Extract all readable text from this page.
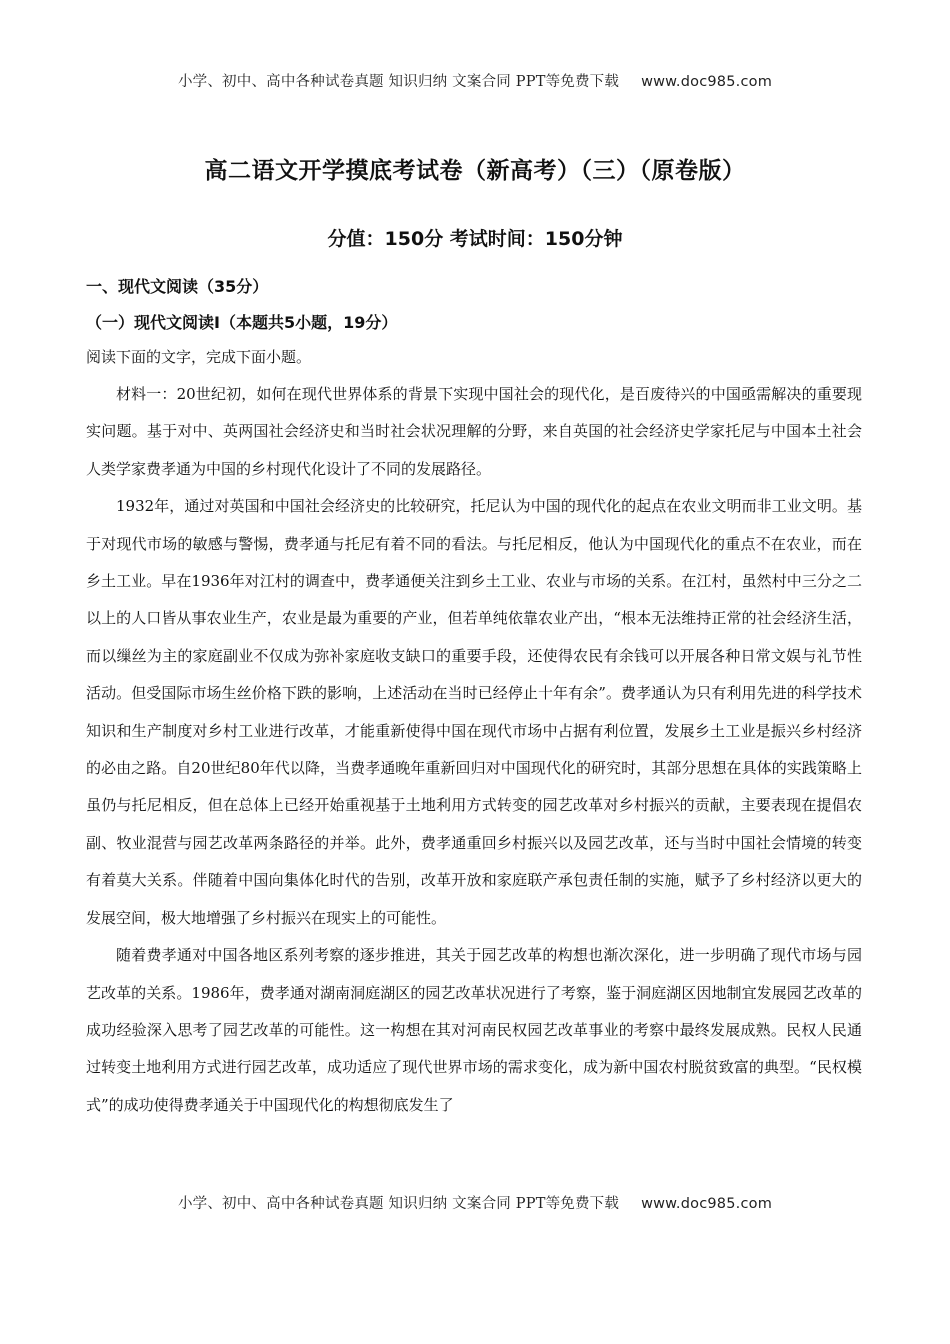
小学、初中、高中各种试卷真题 知识归纳 文案合同 PPT等免费下载 www.doc985.com
高二语文开学摸底考试卷（新高考）（三）（原卷版）
分值：150分 考试时间：150分钟
一、现代文阅读（35分）
（一）现代文阅读Ⅰ（本题共5小题，19分）
阅读下面的文字，完成下面小题。

材料一：20世纪初，如何在现代世界体系的背景下实现中国社会的现代化，是百废待兴的中国亟需解决的重要现实问题。基于对中、英两国社会经济史和当时社会状况理解的分野，来自英国的社会经济史学家托尼与中国本土社会人类学家费孝通为中国的乡村现代化设计了不同的发展路径。

1932年，通过对英国和中国社会经济史的比较研究，托尼认为中国的现代化的起点在农业文明而非工业文明。基于对现代市场的敏感与警惕，费孝通与托尼有着不同的看法。与托尼相反，他认为中国现代化的重点不在农业，而在乡土工业。早在1936年对江村的调查中，费孝通便关注到乡土工业、农业与市场的关系。在江村，虽然村中三分之二以上的人口皆从事农业生产，农业是最为重要的产业，但若单纯依靠农业产出，“根本无法维持正常的社会经济生活，而以缫丝为主的家庭副业不仅成为弥补家庭收支缺口的重要手段，还使得农民有余钱可以开展各种日常文娱与礼节性活动。但受国际市场生丝价格下跌的影响，上述活动在当时已经停止十年有余”。费孝通认为只有利用先进的科学技术知识和生产制度对乡村工业进行改革，才能重新使得中国在现代市场中占据有利位置，发展乡土工业是振兴乡村经济的必由之路。自20世纪80年代以降，当费孝通晚年重新回归对中国现代化的研究时，其部分思想在具体的实践策略上虽仍与托尼相反，但在总体上已经开始重视基于土地利用方式转变的园艺改革对乡村振兴的贡献，主要表现在提倡农副、牧业混营与园艺改革两条路径的并举。此外，费孝通重回乡村振兴以及园艺改革，还与当时中国社会情境的转变有着莫大关系。伴随着中国向集体化时代的告别，改革开放和家庭联产承包责任制的实施，赋予了乡村经济以更大的发展空间，极大地增强了乡村振兴在现实上的可能性。

随着费孝通对中国各地区系列考察的逐步推进，其关于园艺改革的构想也渐次深化，进一步明确了现代市场与园艺改革的关系。1986年，费孝通对湖南洞庭湖区的园艺改革状况进行了考察，鉴于洞庭湖区因地制宜发展园艺改革的成功经验深入思考了园艺改革的可能性。这一构想在其对河南民权园艺改革事业的考察中最终发展成熟。民权人民通过转变土地利用方式进行园艺改革，成功适应了现代世界市场的需求变化，成为新中国农村脱贫致富的典型。“民权模式”的成功使得费孝通关于中国现代化的构想彻底发生了

小学、初中、高中各种试卷真题 知识归纳 文案合同 PPT等免费下载 www.doc985.com
